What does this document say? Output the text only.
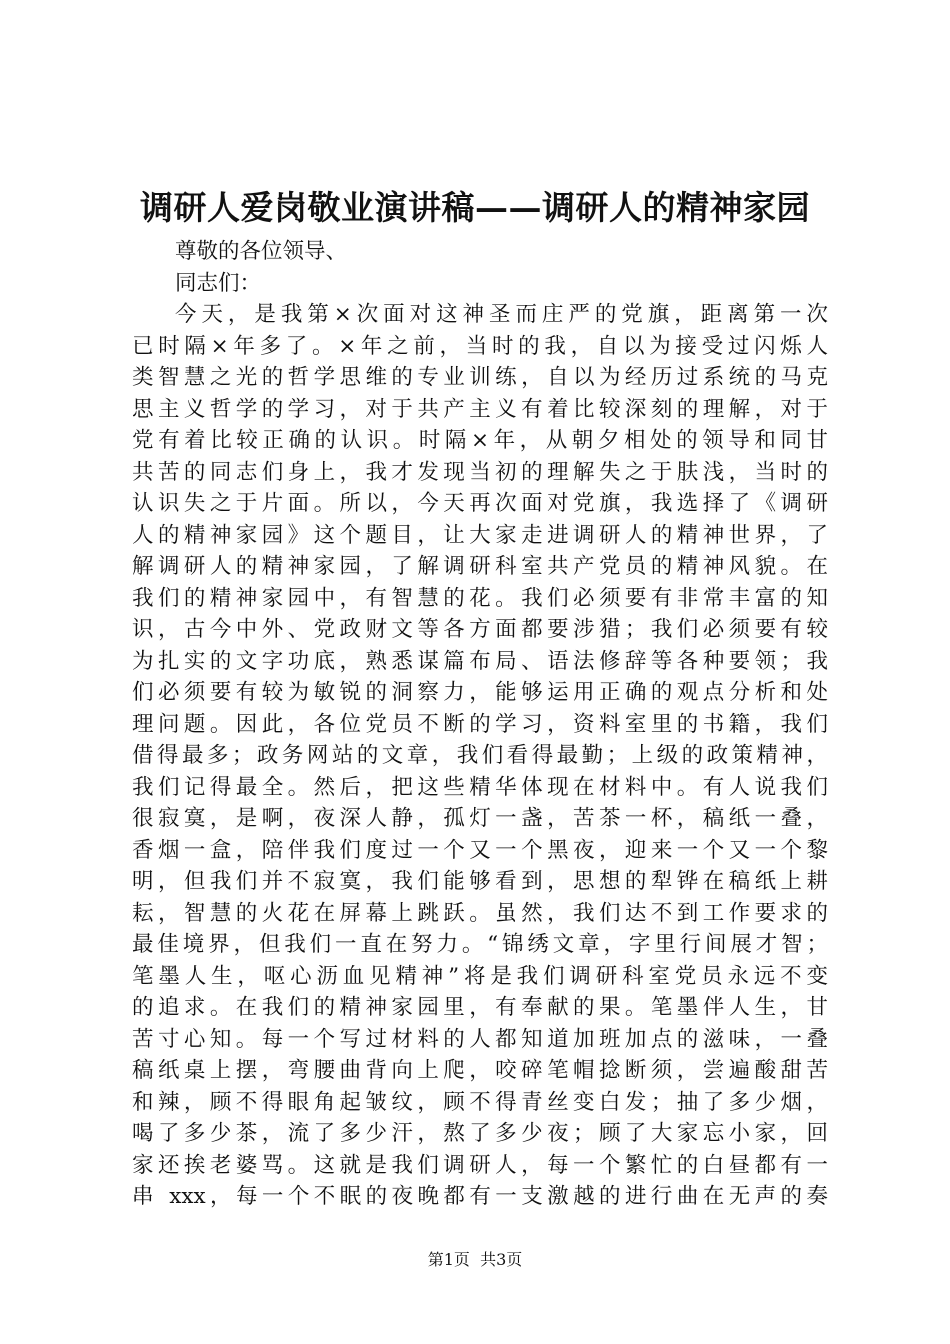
调研人爱岗敬业演讲稿——调研人的精神家园
尊敬的各位领导、
同志们：
今天，是我第×次面对这神圣而庄严的党旗，距离第一次
已时隔×年多了。×年之前，当时的我，自以为接受过闪烁人
类智慧之光的哲学思维的专业训练，自以为经历过系统的马克
思主义哲学的学习，对于共产主义有着比较深刻的理解，对于
党有着比较正确的认识。时隔×年，从朝夕相处的领导和同甘
共苦的同志们身上，我才发现当初的理解失之于肤浅，当时的
认识失之于片面。所以，今天再次面对党旗，我选择了《调研
人的精神家园》这个题目，让大家走进调研人的精神世界，了
解调研人的精神家园，了解调研科室共产党员的精神风貌。在
我们的精神家园中，有智慧的花。我们必须要有非常丰富的知
识，古今中外、党政财文等各方面都要涉猎；我们必须要有较
为扎实的文字功底，熟悉谋篇布局、语法修辞等各种要领；我
们必须要有较为敏锐的洞察力，能够运用正确的观点分析和处
理问题。因此，各位党员不断的学习，资料室里的书籍，我们
借得最多；政务网站的文章，我们看得最勤；上级的政策精神，
我们记得最全。然后，把这些精华体现在材料中。有人说我们
很寂寞，是啊，夜深人静，孤灯一盏，苦茶一杯，稿纸一叠，
香烟一盒，陪伴我们度过一个又一个黑夜，迎来一个又一个黎
明，但我们并不寂寞，我们能够看到，思想的犁铧在稿纸上耕
耘，智慧的火花在屏幕上跳跃。虽然，我们达不到工作要求的
最佳境界，但我们一直在努力。“锦绣文章，字里行间展才智；
笔墨人生，呕心沥血见精神”将是我们调研科室党员永远不变
的追求。在我们的精神家园里，有奉献的果。笔墨伴人生，甘
苦寸心知。每一个写过材料的人都知道加班加点的滋味，一叠
稿纸桌上摆，弯腰曲背向上爬，咬碎笔帽捻断须，尝遍酸甜苦
和辣，顾不得眼角起皱纹，顾不得青丝变白发；抽了多少烟，
喝了多少茶，流了多少汗，熬了多少夜；顾了大家忘小家，回
家还挨老婆骂。这就是我们调研人，每一个繁忙的白昼都有一
串 xxx，每一个不眠的夜晚都有一支激越的进行曲在无声的奏
第1页  共3页
